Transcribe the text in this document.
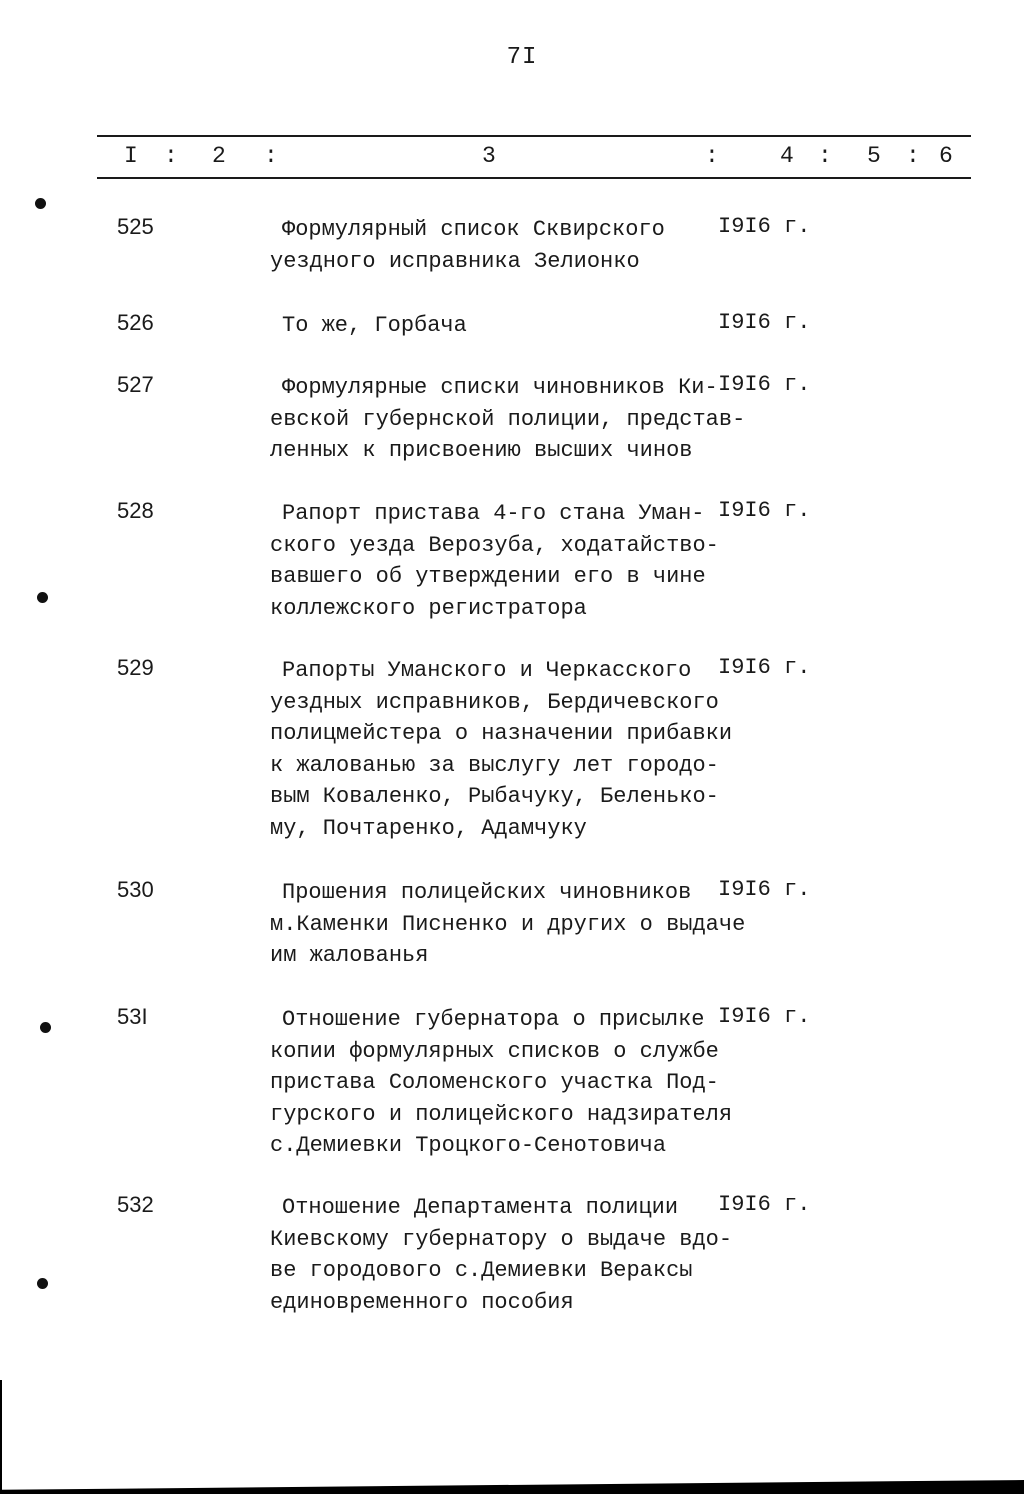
7I
I : 2 :	3	:	4 : 5 : 6
525	Формулярный список Сквирского
уездного исправника Зелионко
I9I6 г.
526	То же, Горбача	I9I6 г.
527	Формулярные списки чиновников Ки-
евской губернской полиции, представ-
ленных к присвоению высших чинов
I9I6 г.
528	Рапорт пристава 4-го стана Уман-
ского уезда Верозуба, ходатайство-
вавшего об утверждении его в чине
коллежского регистратора
I9I6 г.
529	Рапорты Уманского и Черкасского
уездных исправников, Бердичевского
полицмейстера о назначении прибавки
к жалованью за выслугу лет городо-
вым Коваленко, Рыбачуку, Беленько-
му, Почтаренко, Адамчуку
I9I6 г.
530	Прошения полицейских чиновников
м.Каменки Писненко и других о выдаче
им жалованья
I9I6 г.
53I	Отношение губернатора о присылке
копии формулярных списков о службе
пристава Соломенского участка Под-
гурского и полицейского надзирателя
с.Демиевки Троцкого-Сенотовича
I9I6 г.
532	Отношение Департамента полиции
Киевскому губернатору о выдаче вдо-
ве городового с.Демиевки Вераксы
единовременного пособия
I9I6 г.
